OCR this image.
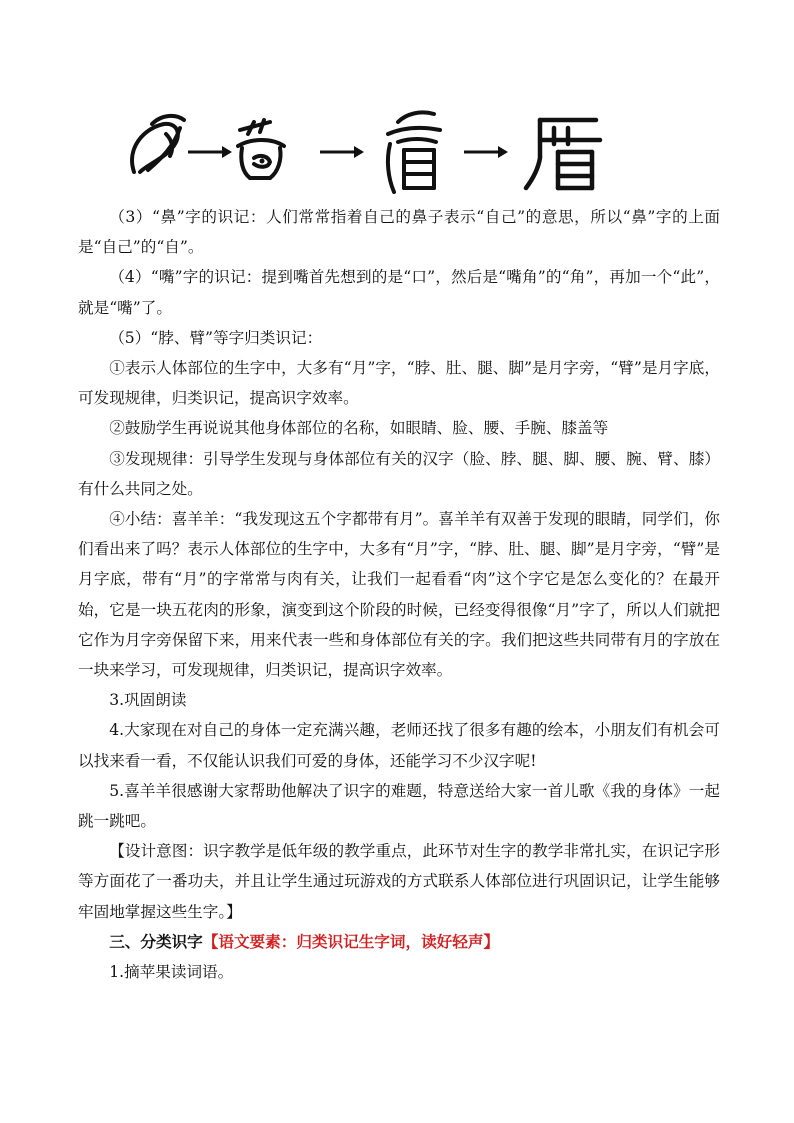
（3）“鼻”字的识记：人们常常指着自己的鼻子表示“自己”的意思，所以“鼻”字的上面是“自己”的“自”。

（4）“嘴”字的识记：提到嘴首先想到的是“口”，然后是“嘴角”的“角”，再加一个“此”，就是“嘴”了。

（5）“脖、臂”等字归类识记：

①表示人体部位的生字中，大多有“月”字，“脖、肚、腿、脚”是月字旁，“臂”是月字底，可发现规律，归类识记，提高识字效率。

②鼓励学生再说说其他身体部位的名称，如眼睛、脸、腰、手腕、膝盖等

③发现规律：引导学生发现与身体部位有关的汉字（脸、脖、腿、脚、腰、腕、臂、膝）有什么共同之处。

④小结：喜羊羊：“我发现这五个字都带有月”。喜羊羊有双善于发现的眼睛，同学们，你们看出来了吗？表示人体部位的生字中，大多有“月”字，“脖、肚、腿、脚”是月字旁，“臂”是月字底，带有“月”的字常常与肉有关，让我们一起看看“肉”这个字它是怎么变化的？在最开始，它是一块五花肉的形象，演变到这个阶段的时候，已经变得很像“月”字了，所以人们就把它作为月字旁保留下来，用来代表一些和身体部位有关的字。我们把这些共同带有月的字放在一块来学习，可发现规律，归类识记，提高识字效率。

3.巩固朗读

4.大家现在对自己的身体一定充满兴趣，老师还找了很多有趣的绘本，小朋友们有机会可以找来看一看，不仅能认识我们可爱的身体，还能学习不少汉字呢!

5.喜羊羊很感谢大家帮助他解决了识字的难题，特意送给大家一首儿歌《我的身体》一起跳一跳吧。

【设计意图：识字教学是低年级的教学重点，此环节对生字的教学非常扎实，在识记字形等方面花了一番功夫，并且让学生通过玩游戏的方式联系人体部位进行巩固识记，让学生能够牢固地掌握这些生字。】

三、分类识字【语文要素：归类识记生字词，读好轻声】

1.摘苹果读词语。
